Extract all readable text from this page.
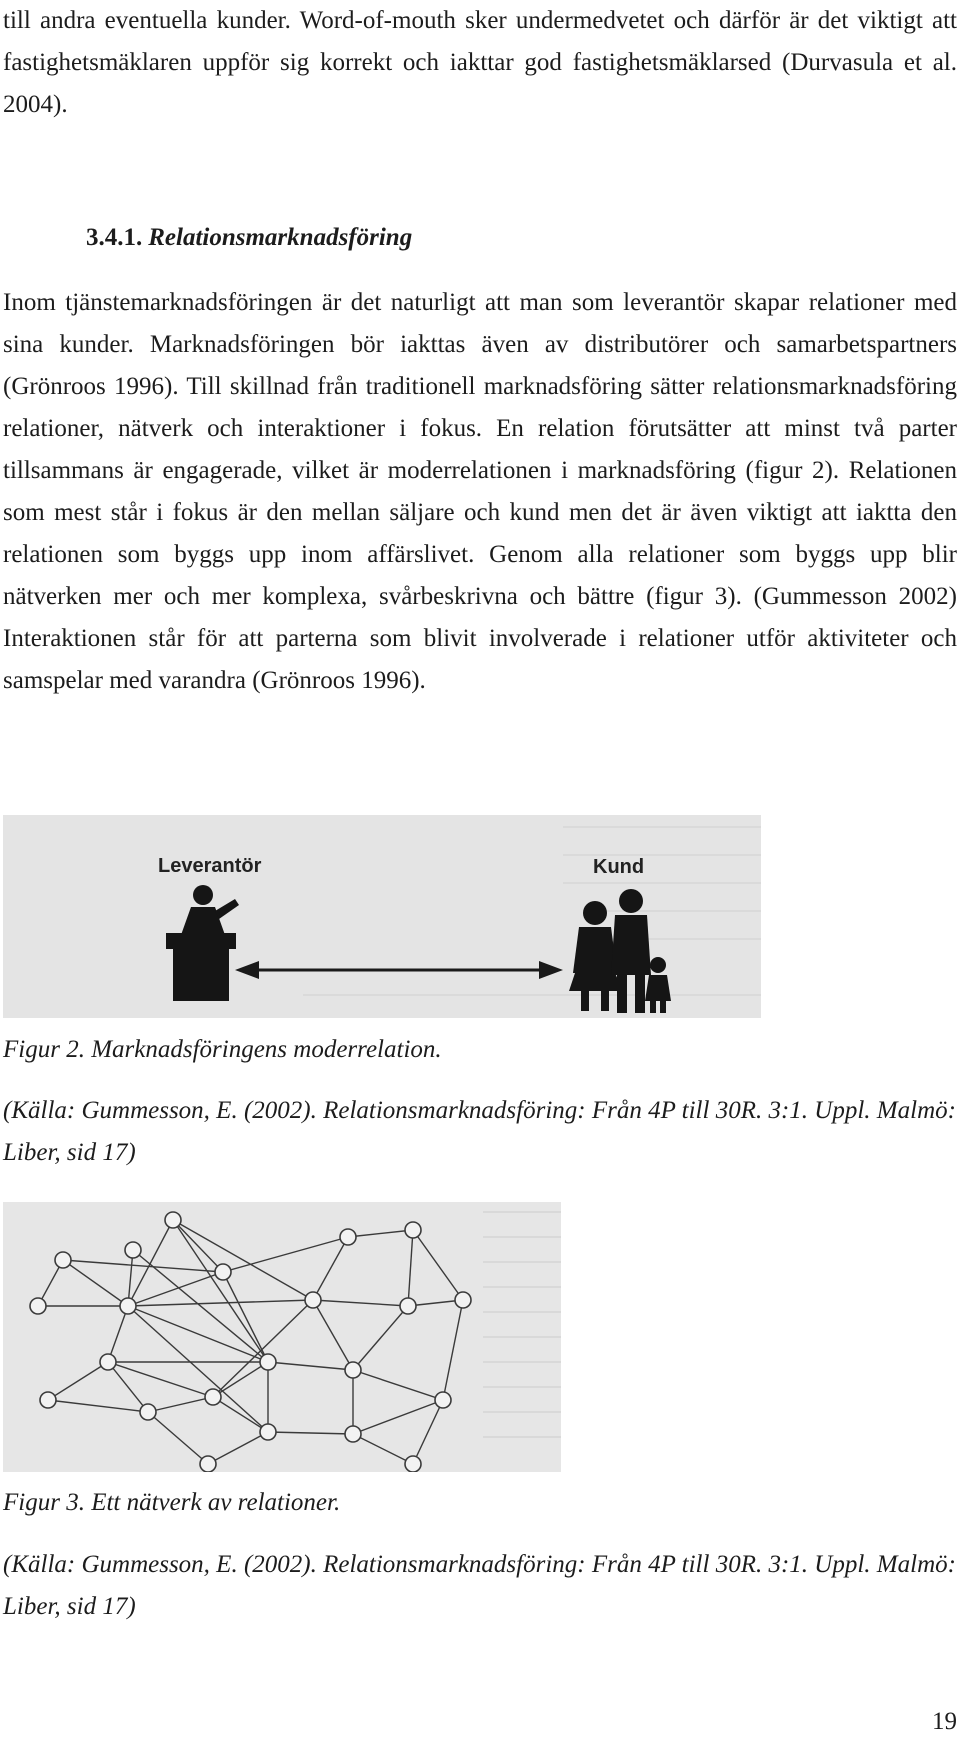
till andra eventuella kunder. Word-of-mouth sker undermedvetet och därför är det viktigt att fastighetsmäklaren uppför sig korrekt och iakttar god fastighetsmäklarsed (Durvasula et al. 2004).

3.4.1. Relationsmarknadsföring

Inom tjänstemarknadsföringen är det naturligt att man som leverantör skapar relationer med sina kunder. Marknadsföringen bör iakttas även av distributörer och samarbetspartners (Grönroos 1996). Till skillnad från traditionell marknadsföring sätter relationsmarknadsföring relationer, nätverk och interaktioner i fokus. En relation förutsätter att minst två parter tillsammans är engagerade, vilket är moderrelationen i marknadsföring (figur 2). Relationen som mest står i fokus är den mellan säljare och kund men det är även viktigt att iaktta den relationen som byggs upp inom affärslivet. Genom alla relationer som byggs upp blir nätverken mer och mer komplexa, svårbeskrivna och bättre (figur 3). (Gummesson 2002) Interaktionen står för att parterna som blivit involverade i relationer utför aktiviteter och samspelar med varandra (Grönroos 1996).

Leverantör	Kund

Figur 2. Marknadsföringens moderrelation.

(Källa: Gummesson, E. (2002). Relationsmarknadsföring: Från 4P till 30R. 3:1. Uppl. Malmö: Liber, sid 17)

Figur 3. Ett nätverk av relationer.

(Källa: Gummesson, E. (2002). Relationsmarknadsföring: Från 4P till 30R. 3:1. Uppl. Malmö: Liber, sid 17)

19
